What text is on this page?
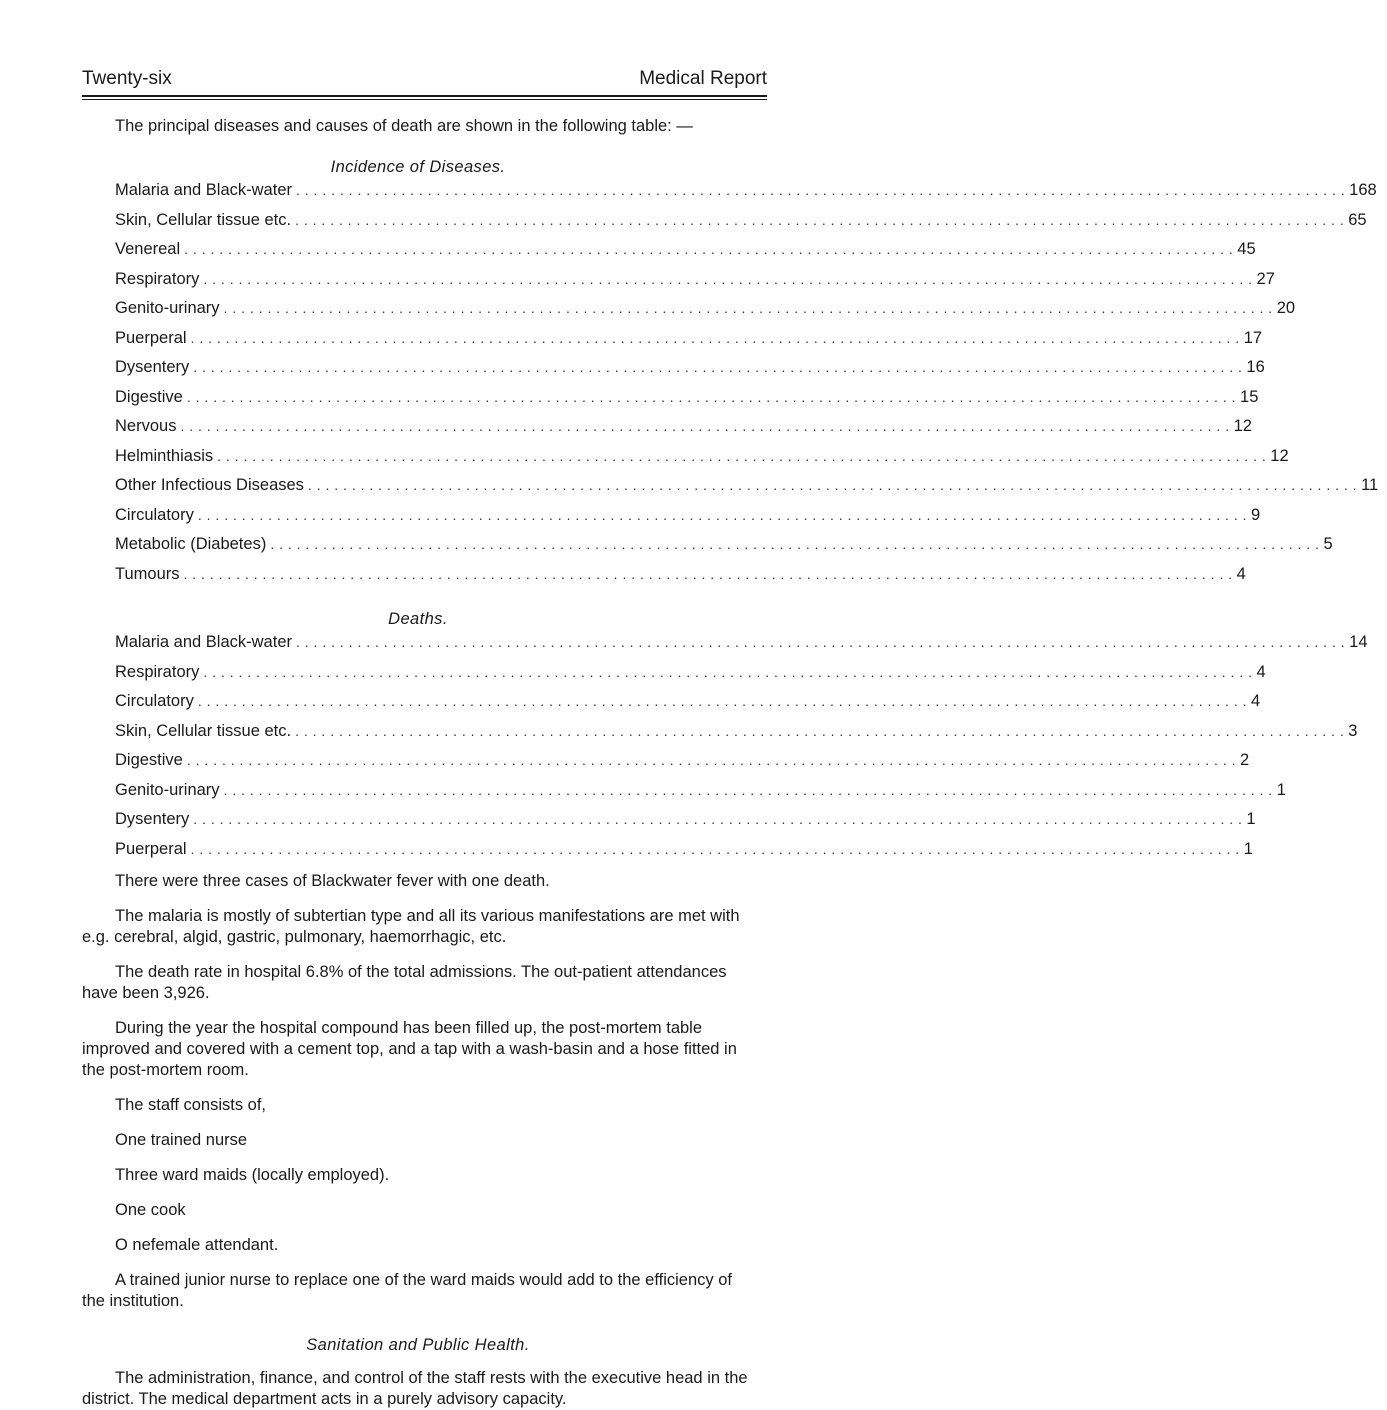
Twenty-six	Medical Report

The principal diseases and causes of death are shown in the following table: —

Incidence of Diseases.

Malaria and Black-water . . . . . . . . . . . . . . . . . . . . . . . . . . . . . . . . . . . . . . . . . . . . . . . . . . . . . . . . . . . . . . . . . . . . . . . . . . . . . . . . . . . . . . . . . . . . . . . . . . . . . . . . . . . . . . . . . . . . . . . . 168
Skin, Cellular tissue etc. . . . . . . . . . . . . . . . . . . . . . . . . . . . . . . . . . . . . . . . . . . . . . . . . . . . . . . . . . . . . . . . . . . . . . . . . . . . . . . . . . . . . . . . . . . . . . . . . . . . . . . . . . . . . . . . . . . . . . . . . 65
Venereal . . . . . . . . . . . . . . . . . . . . . . . . . . . . . . . . . . . . . . . . . . . . . . . . . . . . . . . . . . . . . . . . . . . . . . . . . . . . . . . . . . . . . . . . . . . . . . . . . . . . . . . . . . . . . . . . . . . . . . . . 45
Respiratory . . . . . . . . . . . . . . . . . . . . . . . . . . . . . . . . . . . . . . . . . . . . . . . . . . . . . . . . . . . . . . . . . . . . . . . . . . . . . . . . . . . . . . . . . . . . . . . . . . . . . . . . . . . . . . . . . . . . . . . . 27
Genito-urinary . . . . . . . . . . . . . . . . . . . . . . . . . . . . . . . . . . . . . . . . . . . . . . . . . . . . . . . . . . . . . . . . . . . . . . . . . . . . . . . . . . . . . . . . . . . . . . . . . . . . . . . . . . . . . . . . . . . . . . . . 20
Puerperal . . . . . . . . . . . . . . . . . . . . . . . . . . . . . . . . . . . . . . . . . . . . . . . . . . . . . . . . . . . . . . . . . . . . . . . . . . . . . . . . . . . . . . . . . . . . . . . . . . . . . . . . . . . . . . . . . . . . . . . . 17
Dysentery . . . . . . . . . . . . . . . . . . . . . . . . . . . . . . . . . . . . . . . . . . . . . . . . . . . . . . . . . . . . . . . . . . . . . . . . . . . . . . . . . . . . . . . . . . . . . . . . . . . . . . . . . . . . . . . . . . . . . . . . 16
Digestive . . . . . . . . . . . . . . . . . . . . . . . . . . . . . . . . . . . . . . . . . . . . . . . . . . . . . . . . . . . . . . . . . . . . . . . . . . . . . . . . . . . . . . . . . . . . . . . . . . . . . . . . . . . . . . . . . . . . . . . . 15
Nervous . . . . . . . . . . . . . . . . . . . . . . . . . . . . . . . . . . . . . . . . . . . . . . . . . . . . . . . . . . . . . . . . . . . . . . . . . . . . . . . . . . . . . . . . . . . . . . . . . . . . . . . . . . . . . . . . . . . . . . . . 12
Helminthiasis . . . . . . . . . . . . . . . . . . . . . . . . . . . . . . . . . . . . . . . . . . . . . . . . . . . . . . . . . . . . . . . . . . . . . . . . . . . . . . . . . . . . . . . . . . . . . . . . . . . . . . . . . . . . . . . . . . . . . . . . 12
Other Infectious Diseases . . . . . . . . . . . . . . . . . . . . . . . . . . . . . . . . . . . . . . . . . . . . . . . . . . . . . . . . . . . . . . . . . . . . . . . . . . . . . . . . . . . . . . . . . . . . . . . . . . . . . . . . . . . . . . . . . . . . . . . . 11
Circulatory . . . . . . . . . . . . . . . . . . . . . . . . . . . . . . . . . . . . . . . . . . . . . . . . . . . . . . . . . . . . . . . . . . . . . . . . . . . . . . . . . . . . . . . . . . . . . . . . . . . . . . . . . . . . . . . . . . . . . . . . 9
Metabolic (Diabetes) . . . . . . . . . . . . . . . . . . . . . . . . . . . . . . . . . . . . . . . . . . . . . . . . . . . . . . . . . . . . . . . . . . . . . . . . . . . . . . . . . . . . . . . . . . . . . . . . . . . . . . . . . . . . . . . . . . . . . . . . 5
Tumours . . . . . . . . . . . . . . . . . . . . . . . . . . . . . . . . . . . . . . . . . . . . . . . . . . . . . . . . . . . . . . . . . . . . . . . . . . . . . . . . . . . . . . . . . . . . . . . . . . . . . . . . . . . . . . . . . . . . . . . . 4

Deaths.

Malaria and Black-water . . . . . . . . . . . . . . . . . . . . . . . . . . . . . . . . . . . . . . . . . . . . . . . . . . . . . . . . . . . . . . . . . . . . . . . . . . . . . . . . . . . . . . . . . . . . . . . . . . . . . . . . . . . . . . . . . . . . . . . . 14
Respiratory . . . . . . . . . . . . . . . . . . . . . . . . . . . . . . . . . . . . . . . . . . . . . . . . . . . . . . . . . . . . . . . . . . . . . . . . . . . . . . . . . . . . . . . . . . . . . . . . . . . . . . . . . . . . . . . . . . . . . . . . 4
Circulatory . . . . . . . . . . . . . . . . . . . . . . . . . . . . . . . . . . . . . . . . . . . . . . . . . . . . . . . . . . . . . . . . . . . . . . . . . . . . . . . . . . . . . . . . . . . . . . . . . . . . . . . . . . . . . . . . . . . . . . . . 4
Skin, Cellular tissue etc. . . . . . . . . . . . . . . . . . . . . . . . . . . . . . . . . . . . . . . . . . . . . . . . . . . . . . . . . . . . . . . . . . . . . . . . . . . . . . . . . . . . . . . . . . . . . . . . . . . . . . . . . . . . . . . . . . . . . . . . . 3
Digestive . . . . . . . . . . . . . . . . . . . . . . . . . . . . . . . . . . . . . . . . . . . . . . . . . . . . . . . . . . . . . . . . . . . . . . . . . . . . . . . . . . . . . . . . . . . . . . . . . . . . . . . . . . . . . . . . . . . . . . . . 2
Genito-urinary . . . . . . . . . . . . . . . . . . . . . . . . . . . . . . . . . . . . . . . . . . . . . . . . . . . . . . . . . . . . . . . . . . . . . . . . . . . . . . . . . . . . . . . . . . . . . . . . . . . . . . . . . . . . . . . . . . . . . . . . 1
Dysentery . . . . . . . . . . . . . . . . . . . . . . . . . . . . . . . . . . . . . . . . . . . . . . . . . . . . . . . . . . . . . . . . . . . . . . . . . . . . . . . . . . . . . . . . . . . . . . . . . . . . . . . . . . . . . . . . . . . . . . . . 1
Puerperal . . . . . . . . . . . . . . . . . . . . . . . . . . . . . . . . . . . . . . . . . . . . . . . . . . . . . . . . . . . . . . . . . . . . . . . . . . . . . . . . . . . . . . . . . . . . . . . . . . . . . . . . . . . . . . . . . . . . . . . . 1

There were three cases of Blackwater fever with one death.

The malaria is mostly of subtertian type and all its various manifestations are met with e.g. cerebral, algid, gastric, pulmonary, haemorrhagic, etc.

The death rate in hospital 6.8% of the total admissions. The out-patient attendances have been 3,926.

During the year the hospital compound has been filled up, the post-mortem table improved and covered with a cement top, and a tap with a wash-basin and a hose fitted in the post-mortem room.

The staff consists of,

One trained nurse

Three ward maids (locally employed).

One cook

O nefemale attendant.

A trained junior nurse to replace one of the ward maids would add to the efficiency of the institution.

Sanitation and Public Health.

The administration, finance, and control of the staff rests with the executive head in the district. The medical department acts in a purely advisory capacity.
